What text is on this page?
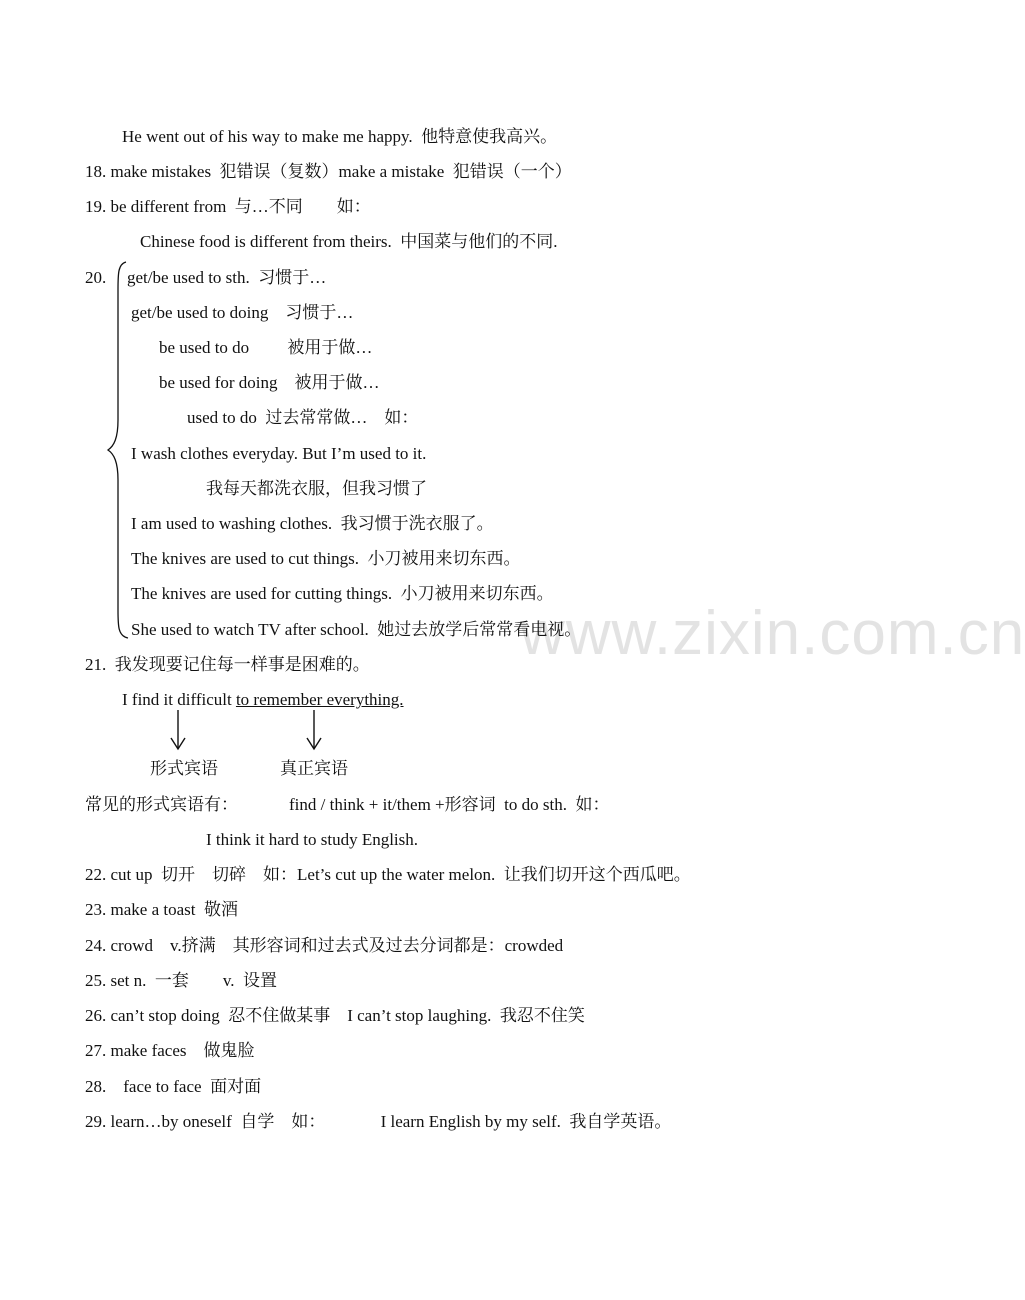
www.zixin.com.cn
He went out of his way to make me happy.  他特意使我高兴。
18. make mistakes  犯错误（复数）make a mistake  犯错误（一个）
19. be different from  与…不同        如：
Chinese food is different from theirs.  中国菜与他们的不同.
20. get/be used to sth.  习惯于…
get/be used to doing    习惯于…
be used to do         被用于做…
be used for doing    被用于做…
used to do  过去常常做…    如：
I wash clothes everyday. But I’m used to it.
我每天都洗衣服，但我习惯了
I am used to washing clothes.  我习惯于洗衣服了。
The knives are used to cut things.  小刀被用来切东西。
The knives are used for cutting things.  小刀被用来切东西。
She used to watch TV after school.  她过去放学后常常看电视。
21.  我发现要记住每一样事是困难的。
I find it difficult to remember everything.
形式宾语	真正宾语
常见的形式宾语有：	find / think + it/them +形容词  to do sth.  如：
I think it hard to study English.
22. cut up  切开    切碎    如：Let’s cut up the water melon.  让我们切开这个西瓜吧。
23. make a toast  敬酒
24. crowd    v.挤满    其形容词和过去式及过去分词都是：crowded
25. set n.  一套        v.  设置
26. can’t stop doing  忍不住做某事    I can’t stop laughing.  我忍不住笑
27. make faces    做鬼脸
28.    face to face  面对面
29. learn…by oneself  自学    如：             I learn English by my self.  我自学英语。
